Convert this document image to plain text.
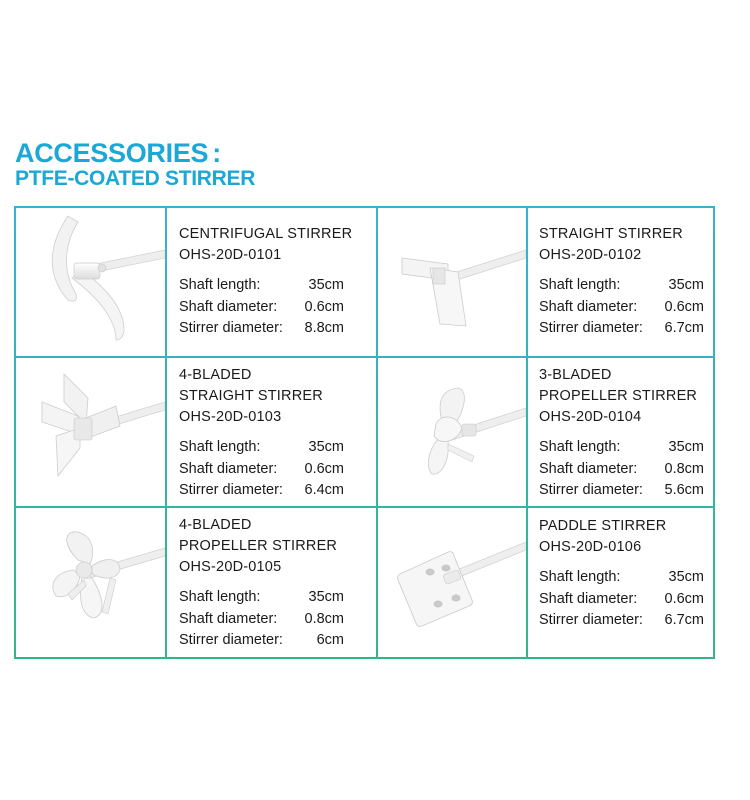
ACCESSORIES :
PTFE-COATED STIRRER
CENTRIFUGAL STIRRER
OHS-20D-0101
Shaft length:	35cm
Shaft diameter: 0.6cm
Stirrer diameter: 8.8cm
STRAIGHT STIRRER
OHS-20D-0102
Shaft length:	35cm
Shaft diameter: 0.6cm
Stirrer diameter: 6.7cm
4-BLADED
STRAIGHT STIRRER
OHS-20D-0103
Shaft length:	35cm
Shaft diameter: 0.6cm
Stirrer diameter: 6.4cm
3-BLADED
PROPELLER STIRRER
OHS-20D-0104
Shaft length:	35cm
Shaft diameter: 0.8cm
Stirrer diameter: 5.6cm
4-BLADED
PROPELLER STIRRER
OHS-20D-0105
Shaft length:	35cm
Shaft diameter: 0.8cm
Stirrer diameter: 6cm
PADDLE STIRRER
OHS-20D-0106
Shaft length:	35cm
Shaft diameter: 0.6cm
Stirrer diameter: 6.7cm
